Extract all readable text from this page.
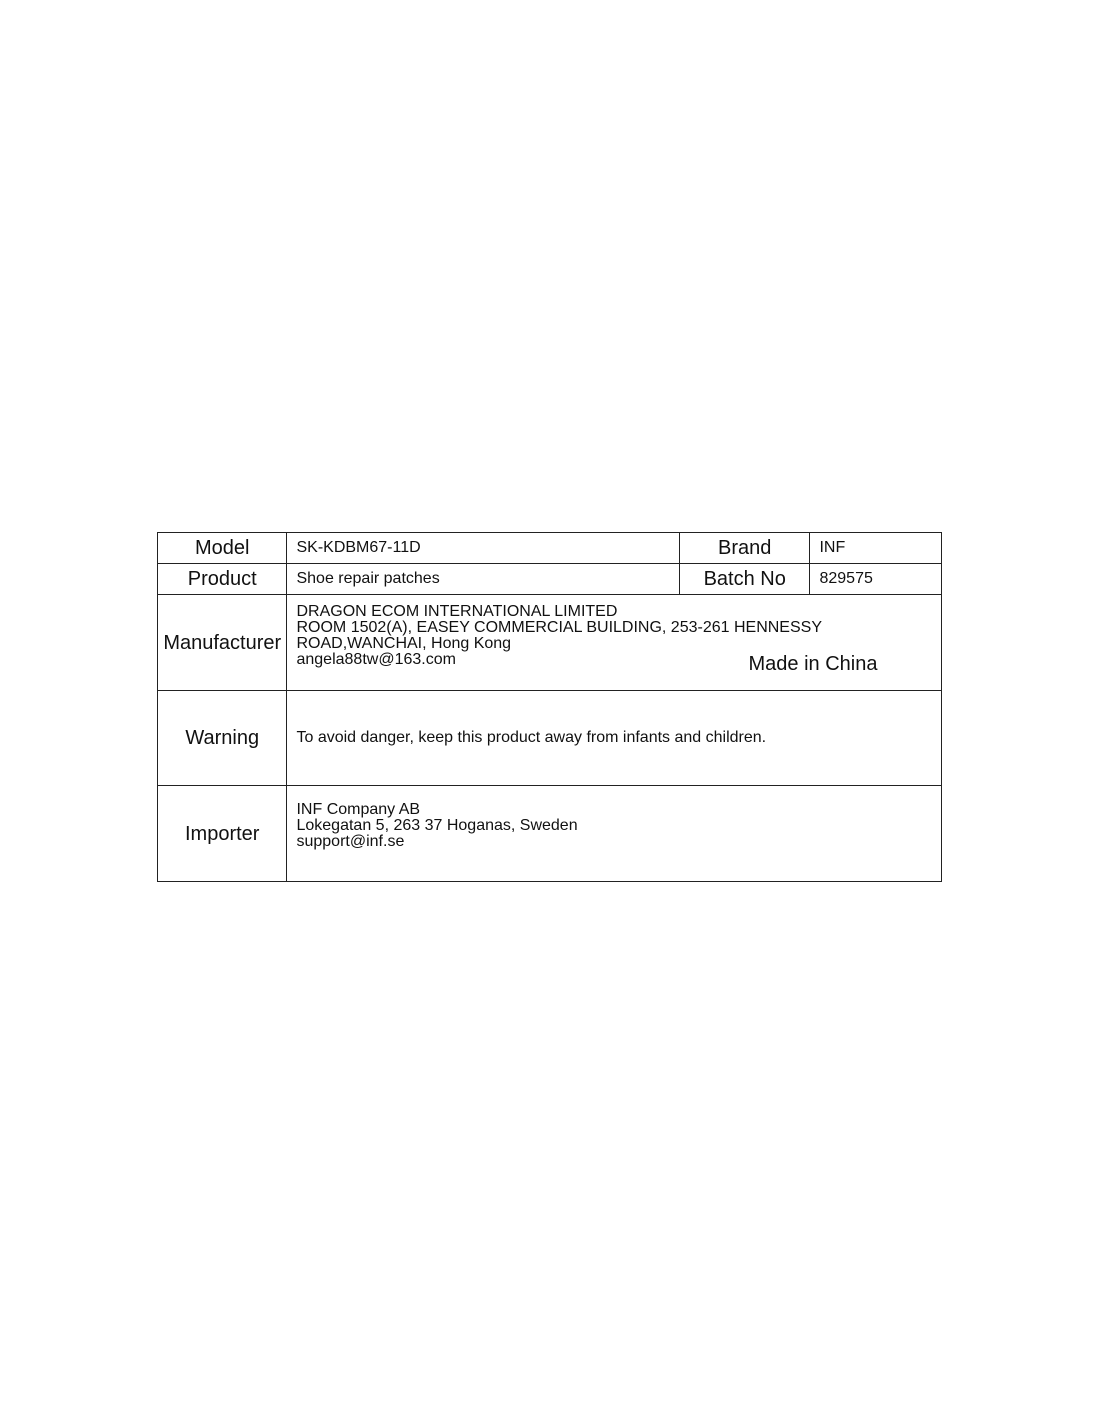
Model	SK-KDBM67-11D	Brand	INF
Product	Shoe repair patches	Batch No	829575
Manufacturer	DRAGON ECOM INTERNATIONAL LIMITED
ROOM 1502(A), EASEY COMMERCIAL BUILDING, 253-261 HENNESSY
ROAD,WANCHAI, Hong Kong
angela88tw@163.com Made in China		

Warning	To avoid danger, keep this product away from infants and children.		
Importer	INF Company AB
Lokegatan 5, 263 37 Hoganas, Sweden
support@inf.se		
